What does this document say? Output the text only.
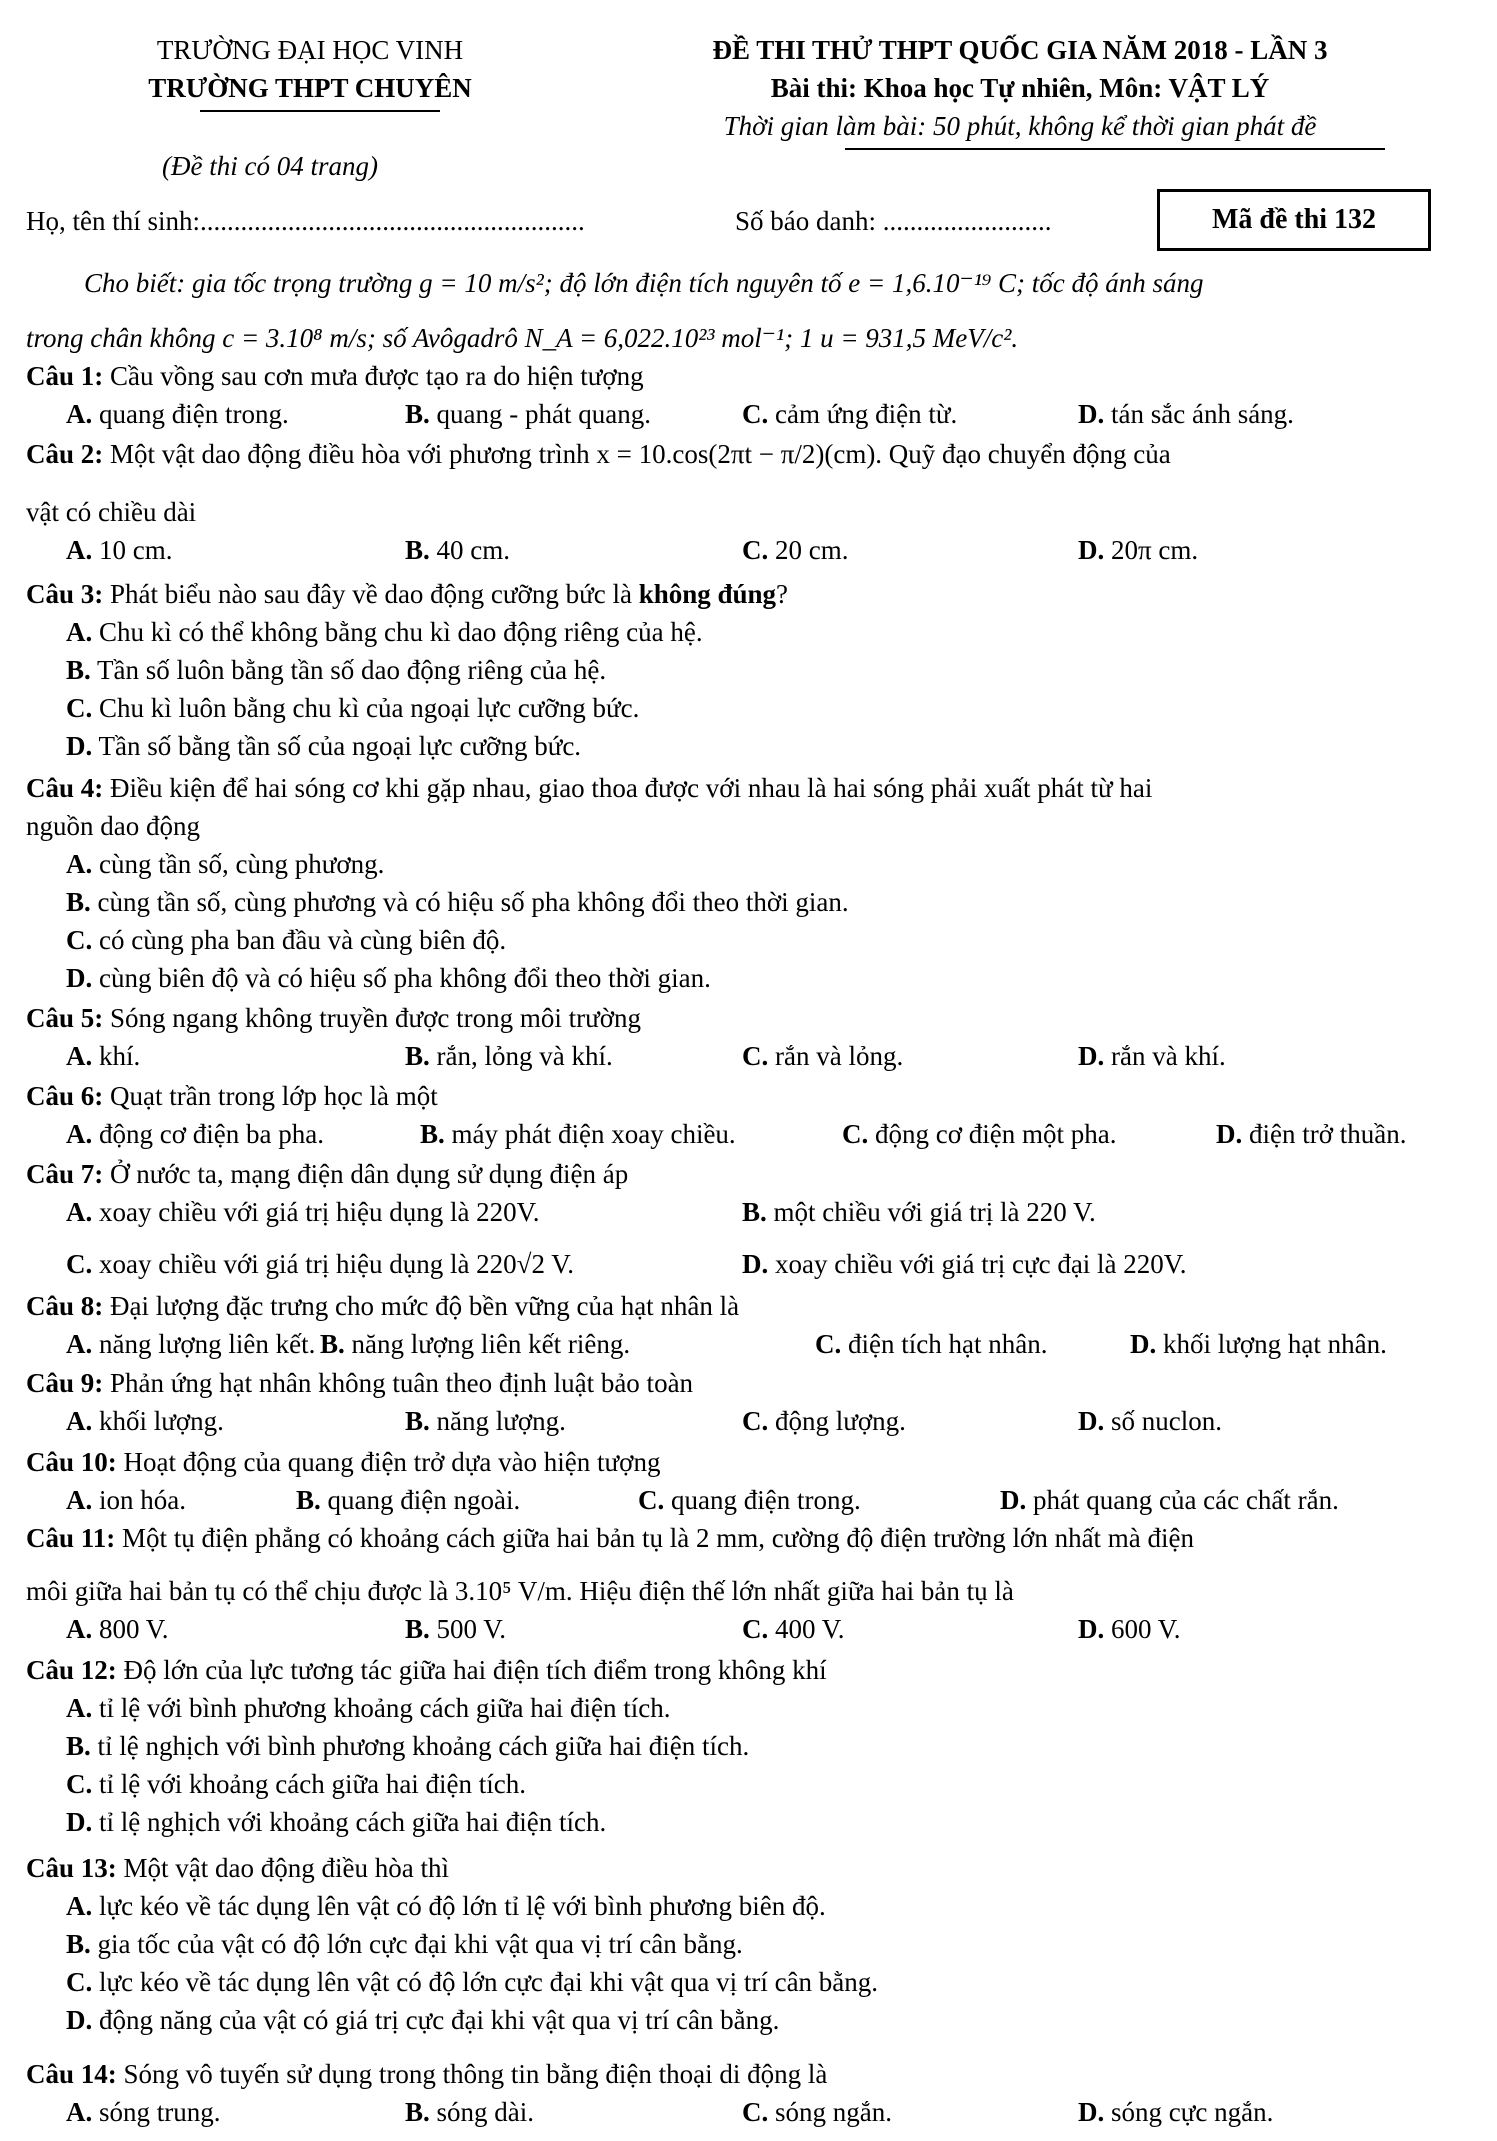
TRƯỜNG ĐẠI HỌC VINH
TRƯỜNG THPT CHUYÊN
(Đề thi có 04 trang)
ĐỀ THI THỬ THPT QUỐC GIA NĂM 2018 - LẦN 3
Bài thi: Khoa học Tự nhiên, Môn: VẬT LÝ
Thời gian làm bài: 50 phút, không kể thời gian phát đề
Họ, tên thí sinh:.........................................................	Số báo danh: .........................	Mã đề thi 132
Cho biết: gia tốc trọng trường g = 10 m/s²; độ lớn điện tích nguyên tố e = 1,6.10⁻¹⁹ C; tốc độ ánh sáng
trong chân không c = 3.10⁸ m/s; số Avôgadrô N_A = 6,022.10²³ mol⁻¹; 1 u = 931,5 MeV/c².
Câu 1: Cầu vồng sau cơn mưa được tạo ra do hiện tượng
A. quang điện trong.	B. quang - phát quang.	C. cảm ứng điện từ.	D. tán sắc ánh sáng.
Câu 2: Một vật dao động điều hòa với phương trình x = 10.cos(2πt − π/2)(cm). Quỹ đạo chuyển động của
vật có chiều dài
A. 10 cm.	B. 40 cm.	C. 20 cm.	D. 20π cm.
Câu 3: Phát biểu nào sau đây về dao động cưỡng bức là không đúng?
A. Chu kì có thể không bằng chu kì dao động riêng của hệ.
B. Tần số luôn bằng tần số dao động riêng của hệ.
C. Chu kì luôn bằng chu kì của ngoại lực cưỡng bức.
D. Tần số bằng tần số của ngoại lực cưỡng bức.
Câu 4: Điều kiện để hai sóng cơ khi gặp nhau, giao thoa được với nhau là hai sóng phải xuất phát từ hai
nguồn dao động
A. cùng tần số, cùng phương.
B. cùng tần số, cùng phương và có hiệu số pha không đổi theo thời gian.
C. có cùng pha ban đầu và cùng biên độ.
D. cùng biên độ và có hiệu số pha không đổi theo thời gian.
Câu 5: Sóng ngang không truyền được trong môi trường
A. khí.	B. rắn, lỏng và khí.	C. rắn và lỏng.	D. rắn và khí.
Câu 6: Quạt trần trong lớp học là một
A. động cơ điện ba pha.	B. máy phát điện xoay chiều.	C. động cơ điện một pha.	D. điện trở thuần.
Câu 7: Ở nước ta, mạng điện dân dụng sử dụng điện áp
A. xoay chiều với giá trị hiệu dụng là 220V.	B. một chiều với giá trị là 220 V.
C. xoay chiều với giá trị hiệu dụng là 220√2 V.	D. xoay chiều với giá trị cực đại là 220V.
Câu 8: Đại lượng đặc trưng cho mức độ bền vững của hạt nhân là
A. năng lượng liên kết. B. năng lượng liên kết riêng.	C. điện tích hạt nhân.	D. khối lượng hạt nhân.
Câu 9: Phản ứng hạt nhân không tuân theo định luật bảo toàn
A. khối lượng.	B. năng lượng.	C. động lượng.	D. số nuclon.
Câu 10: Hoạt động của quang điện trở dựa vào hiện tượng
A. ion hóa.	B. quang điện ngoài.	C. quang điện trong.	D. phát quang của các chất rắn.
Câu 11: Một tụ điện phẳng có khoảng cách giữa hai bản tụ là 2 mm, cường độ điện trường lớn nhất mà điện
môi giữa hai bản tụ có thể chịu được là 3.10⁵ V/m. Hiệu điện thế lớn nhất giữa hai bản tụ là
A. 800 V.	B. 500 V.	C. 400 V.	D. 600 V.
Câu 12: Độ lớn của lực tương tác giữa hai điện tích điểm trong không khí
A. tỉ lệ với bình phương khoảng cách giữa hai điện tích.
B. tỉ lệ nghịch với bình phương khoảng cách giữa hai điện tích.
C. tỉ lệ với khoảng cách giữa hai điện tích.
D. tỉ lệ nghịch với khoảng cách giữa hai điện tích.
Câu 13: Một vật dao động điều hòa thì
A. lực kéo về tác dụng lên vật có độ lớn tỉ lệ với bình phương biên độ.
B. gia tốc của vật có độ lớn cực đại khi vật qua vị trí cân bằng.
C. lực kéo về tác dụng lên vật có độ lớn cực đại khi vật qua vị trí cân bằng.
D. động năng của vật có giá trị cực đại khi vật qua vị trí cân bằng.
Câu 14: Sóng vô tuyến sử dụng trong thông tin bằng điện thoại di động là
A. sóng trung.	B. sóng dài.	C. sóng ngắn.	D. sóng cực ngắn.
